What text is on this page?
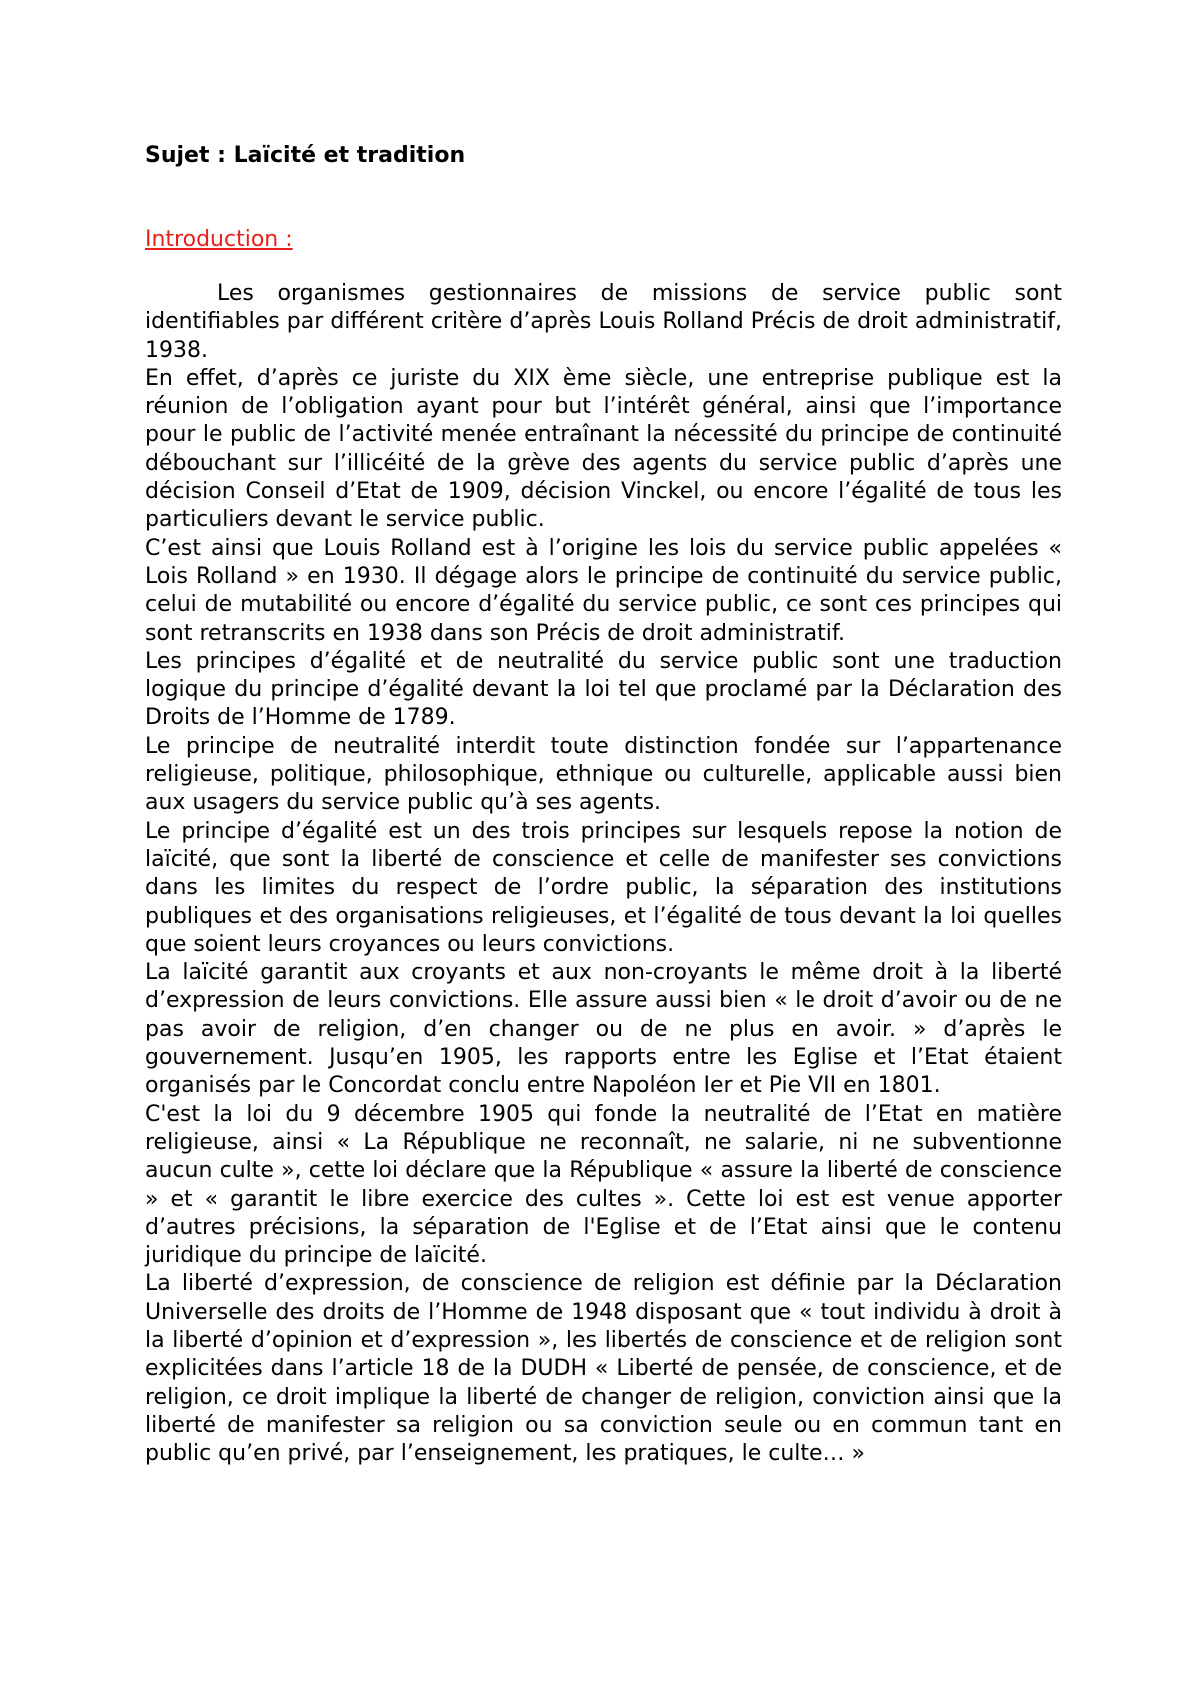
Sujet : Laïcité et tradition
Introduction :

Les organismes gestionnaires de missions de service public sont identifiables par différent critère d’après Louis Rolland Précis de droit administratif, 1938.

En effet, d’après ce juriste du XIX ème siècle, une entreprise publique est la réunion de l’obligation ayant pour but l’intérêt général, ainsi que l’importance pour le public de l’activité menée entraînant la nécessité du principe de continuité débouchant sur l’illicéité de la grève des agents du service public d’après une décision Conseil d’Etat de 1909, décision Vinckel, ou encore l’égalité de tous les particuliers devant le service public.

C’est ainsi que Louis Rolland est à l’origine les lois du service public appelées « Lois Rolland » en 1930. Il dégage alors le principe de continuité du service public, celui de mutabilité ou encore d’égalité du service public, ce sont ces principes qui sont retranscrits en 1938 dans son Précis de droit administratif.

Les principes d’égalité et de neutralité du service public sont une traduction logique du principe d’égalité devant la loi tel que proclamé par la Déclaration des Droits de l’Homme de 1789.

Le principe de neutralité interdit toute distinction fondée sur l’appartenance religieuse, politique, philosophique, ethnique ou culturelle, applicable aussi bien aux usagers du service public qu’à ses agents.

Le principe d’égalité est un des trois principes sur lesquels repose la notion de laïcité, que sont la liberté de conscience et celle de manifester ses convictions dans les limites du respect de l’ordre public, la séparation des institutions publiques et des organisations religieuses, et l’égalité de tous devant la loi quelles que soient leurs croyances ou leurs convictions.

La laïcité garantit aux croyants et aux non-croyants le même droit à la liberté d’expression de leurs convictions. Elle assure aussi bien « le droit d’avoir ou de ne pas avoir de religion, d’en changer ou de ne plus en avoir. » d’après le gouvernement. Jusqu’en 1905, les rapports entre les Eglise et l’Etat étaient organisés par le Concordat conclu entre Napoléon Ier et Pie VII en 1801.

C'est la loi du 9 décembre 1905 qui fonde la neutralité de l’Etat en matière religieuse, ainsi « La République ne reconnaît, ne salarie, ni ne subventionne aucun culte », cette loi déclare que la République « assure la liberté de conscience » et « garantit le libre exercice des cultes ». Cette loi est est venue apporter d’autres précisions, la séparation de l'Eglise et de l’Etat ainsi que le contenu juridique du principe de laïcité.

La liberté d’expression, de conscience de religion est définie par la Déclaration Universelle des droits de l’Homme de 1948 disposant que « tout individu à droit à la liberté d’opinion et d’expression », les libertés de conscience et de religion sont explicitées dans l’article 18 de la DUDH « Liberté de pensée, de conscience, et de religion, ce droit implique la liberté de changer de religion, conviction ainsi que la liberté de manifester sa religion ou sa conviction seule ou en commun tant en public qu’en privé, par l’enseignement, les pratiques, le culte… »
